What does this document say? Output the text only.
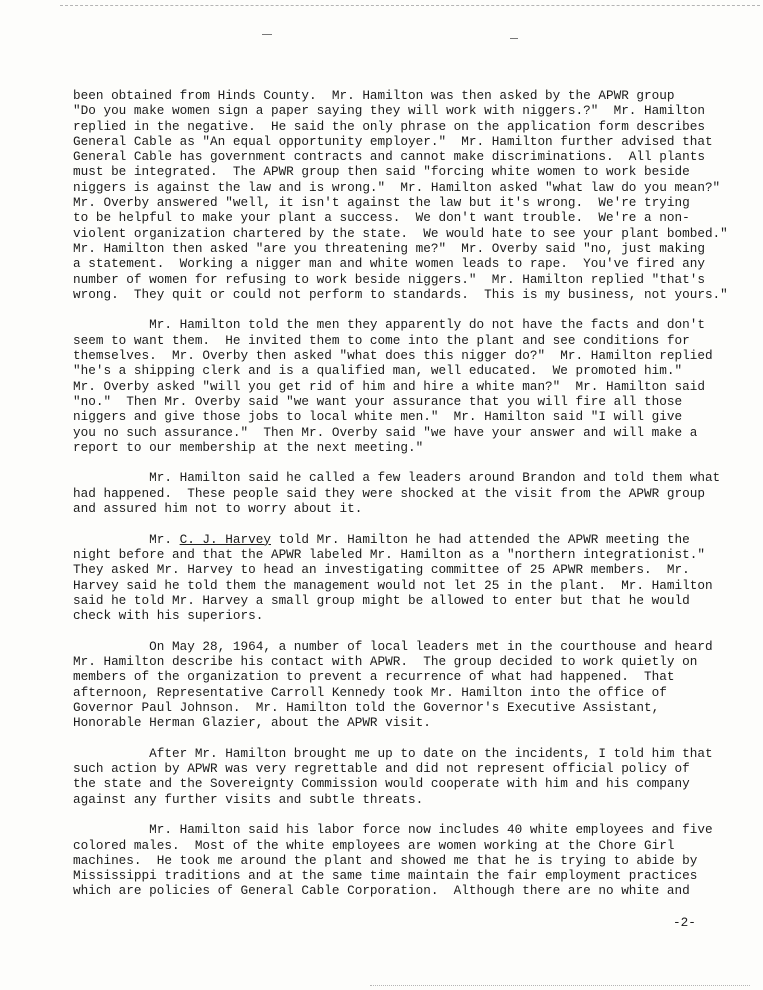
been obtained from Hinds County.  Mr. Hamilton was then asked by the APWR group
"Do you make women sign a paper saying they will work with niggers.?"  Mr. Hamilton
replied in the negative.  He said the only phrase on the application form describes
General Cable as "An equal opportunity employer."  Mr. Hamilton further advised that
General Cable has government contracts and cannot make discriminations.  All plants
must be integrated.  The APWR group then said "forcing white women to work beside
niggers is against the law and is wrong."  Mr. Hamilton asked "what law do you mean?"
Mr. Overby answered "well, it isn't against the law but it's wrong.  We're trying
to be helpful to make your plant a success.  We don't want trouble.  We're a non-
violent organization chartered by the state.  We would hate to see your plant bombed."
Mr. Hamilton then asked "are you threatening me?"  Mr. Overby said "no, just making
a statement.  Working a nigger man and white women leads to rape.  You've fired any
number of women for refusing to work beside niggers."  Mr. Hamilton replied "that's
wrong.  They quit or could not perform to standards.  This is my business, not yours."
Mr. Hamilton told the men they apparently do not have the facts and don't
seem to want them.  He invited them to come into the plant and see conditions for
themselves.  Mr. Overby then asked "what does this nigger do?"  Mr. Hamilton replied
"he's a shipping clerk and is a qualified man, well educated.  We promoted him."
Mr. Overby asked "will you get rid of him and hire a white man?"  Mr. Hamilton said
"no."  Then Mr. Overby said "we want your assurance that you will fire all those
niggers and give those jobs to local white men."  Mr. Hamilton said "I will give
you no such assurance."  Then Mr. Overby said "we have your answer and will make a
report to our membership at the next meeting."
Mr. Hamilton said he called a few leaders around Brandon and told them what
had happened.  These people said they were shocked at the visit from the APWR group
and assured him not to worry about it.
Mr. C. J. Harvey told Mr. Hamilton he had attended the APWR meeting the
night before and that the APWR labeled Mr. Hamilton as a "northern integrationist."
They asked Mr. Harvey to head an investigating committee of 25 APWR members.  Mr.
Harvey said he told them the management would not let 25 in the plant.  Mr. Hamilton
said he told Mr. Harvey a small group might be allowed to enter but that he would
check with his superiors.
On May 28, 1964, a number of local leaders met in the courthouse and heard
Mr. Hamilton describe his contact with APWR.  The group decided to work quietly on
members of the organization to prevent a recurrence of what had happened.  That
afternoon, Representative Carroll Kennedy took Mr. Hamilton into the office of
Governor Paul Johnson.  Mr. Hamilton told the Governor's Executive Assistant,
Honorable Herman Glazier, about the APWR visit.
After Mr. Hamilton brought me up to date on the incidents, I told him that
such action by APWR was very regrettable and did not represent official policy of
the state and the Sovereignty Commission would cooperate with him and his company
against any further visits and subtle threats.
Mr. Hamilton said his labor force now includes 40 white employees and five
colored males.  Most of the white employees are women working at the Chore Girl
machines.  He took me around the plant and showed me that he is trying to abide by
Mississippi traditions and at the same time maintain the fair employment practices
which are policies of General Cable Corporation.  Although there are no white and
-2-
